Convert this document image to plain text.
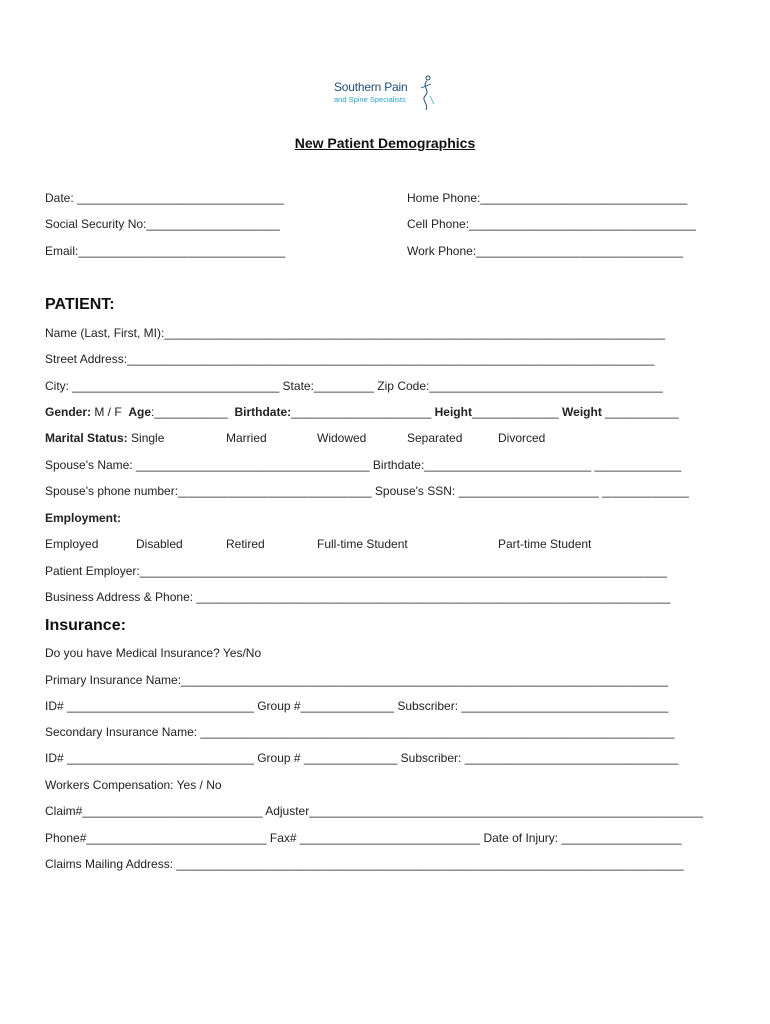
Southern Pain
and Spine Specialists
New Patient Demographics
Date: _______________________________	Home Phone:_______________________________
Social Security No:____________________	Cell Phone:__________________________________
Email:_______________________________	Work Phone:_______________________________
PATIENT:
Name (Last, First, MI):___________________________________________________________________________
Street Address:_______________________________________________________________________________
City: _______________________________ State:_________ Zip Code:___________________________________
Gender: M / F  Age:___________  Birthdate:_____________________ Height_____________ Weight ___________
Marital Status: Single	Married	Widowed	Separated	Divorced
Spouse's Name: ___________________________________ Birthdate:_________________________ _____________
Spouse's phone number:_____________________________ Spouse's SSN: _____________________ _____________
Employment:
Employed	Disabled	Retired	Full-time Student	Part-time Student
Patient Employer:_______________________________________________________________________________
Business Address & Phone: _______________________________________________________________________
Insurance:
Do you have Medical Insurance? Yes/No
Primary Insurance Name:_________________________________________________________________________
ID# ____________________________ Group #______________ Subscriber: _______________________________
Secondary Insurance Name: _______________________________________________________________________
ID# ____________________________ Group # ______________ Subscriber: ________________________________
Workers Compensation: Yes / No
Claim#___________________________ Adjuster___________________________________________________________
Phone#___________________________ Fax# ___________________________ Date of Injury: __________________
Claims Mailing Address: ____________________________________________________________________________
